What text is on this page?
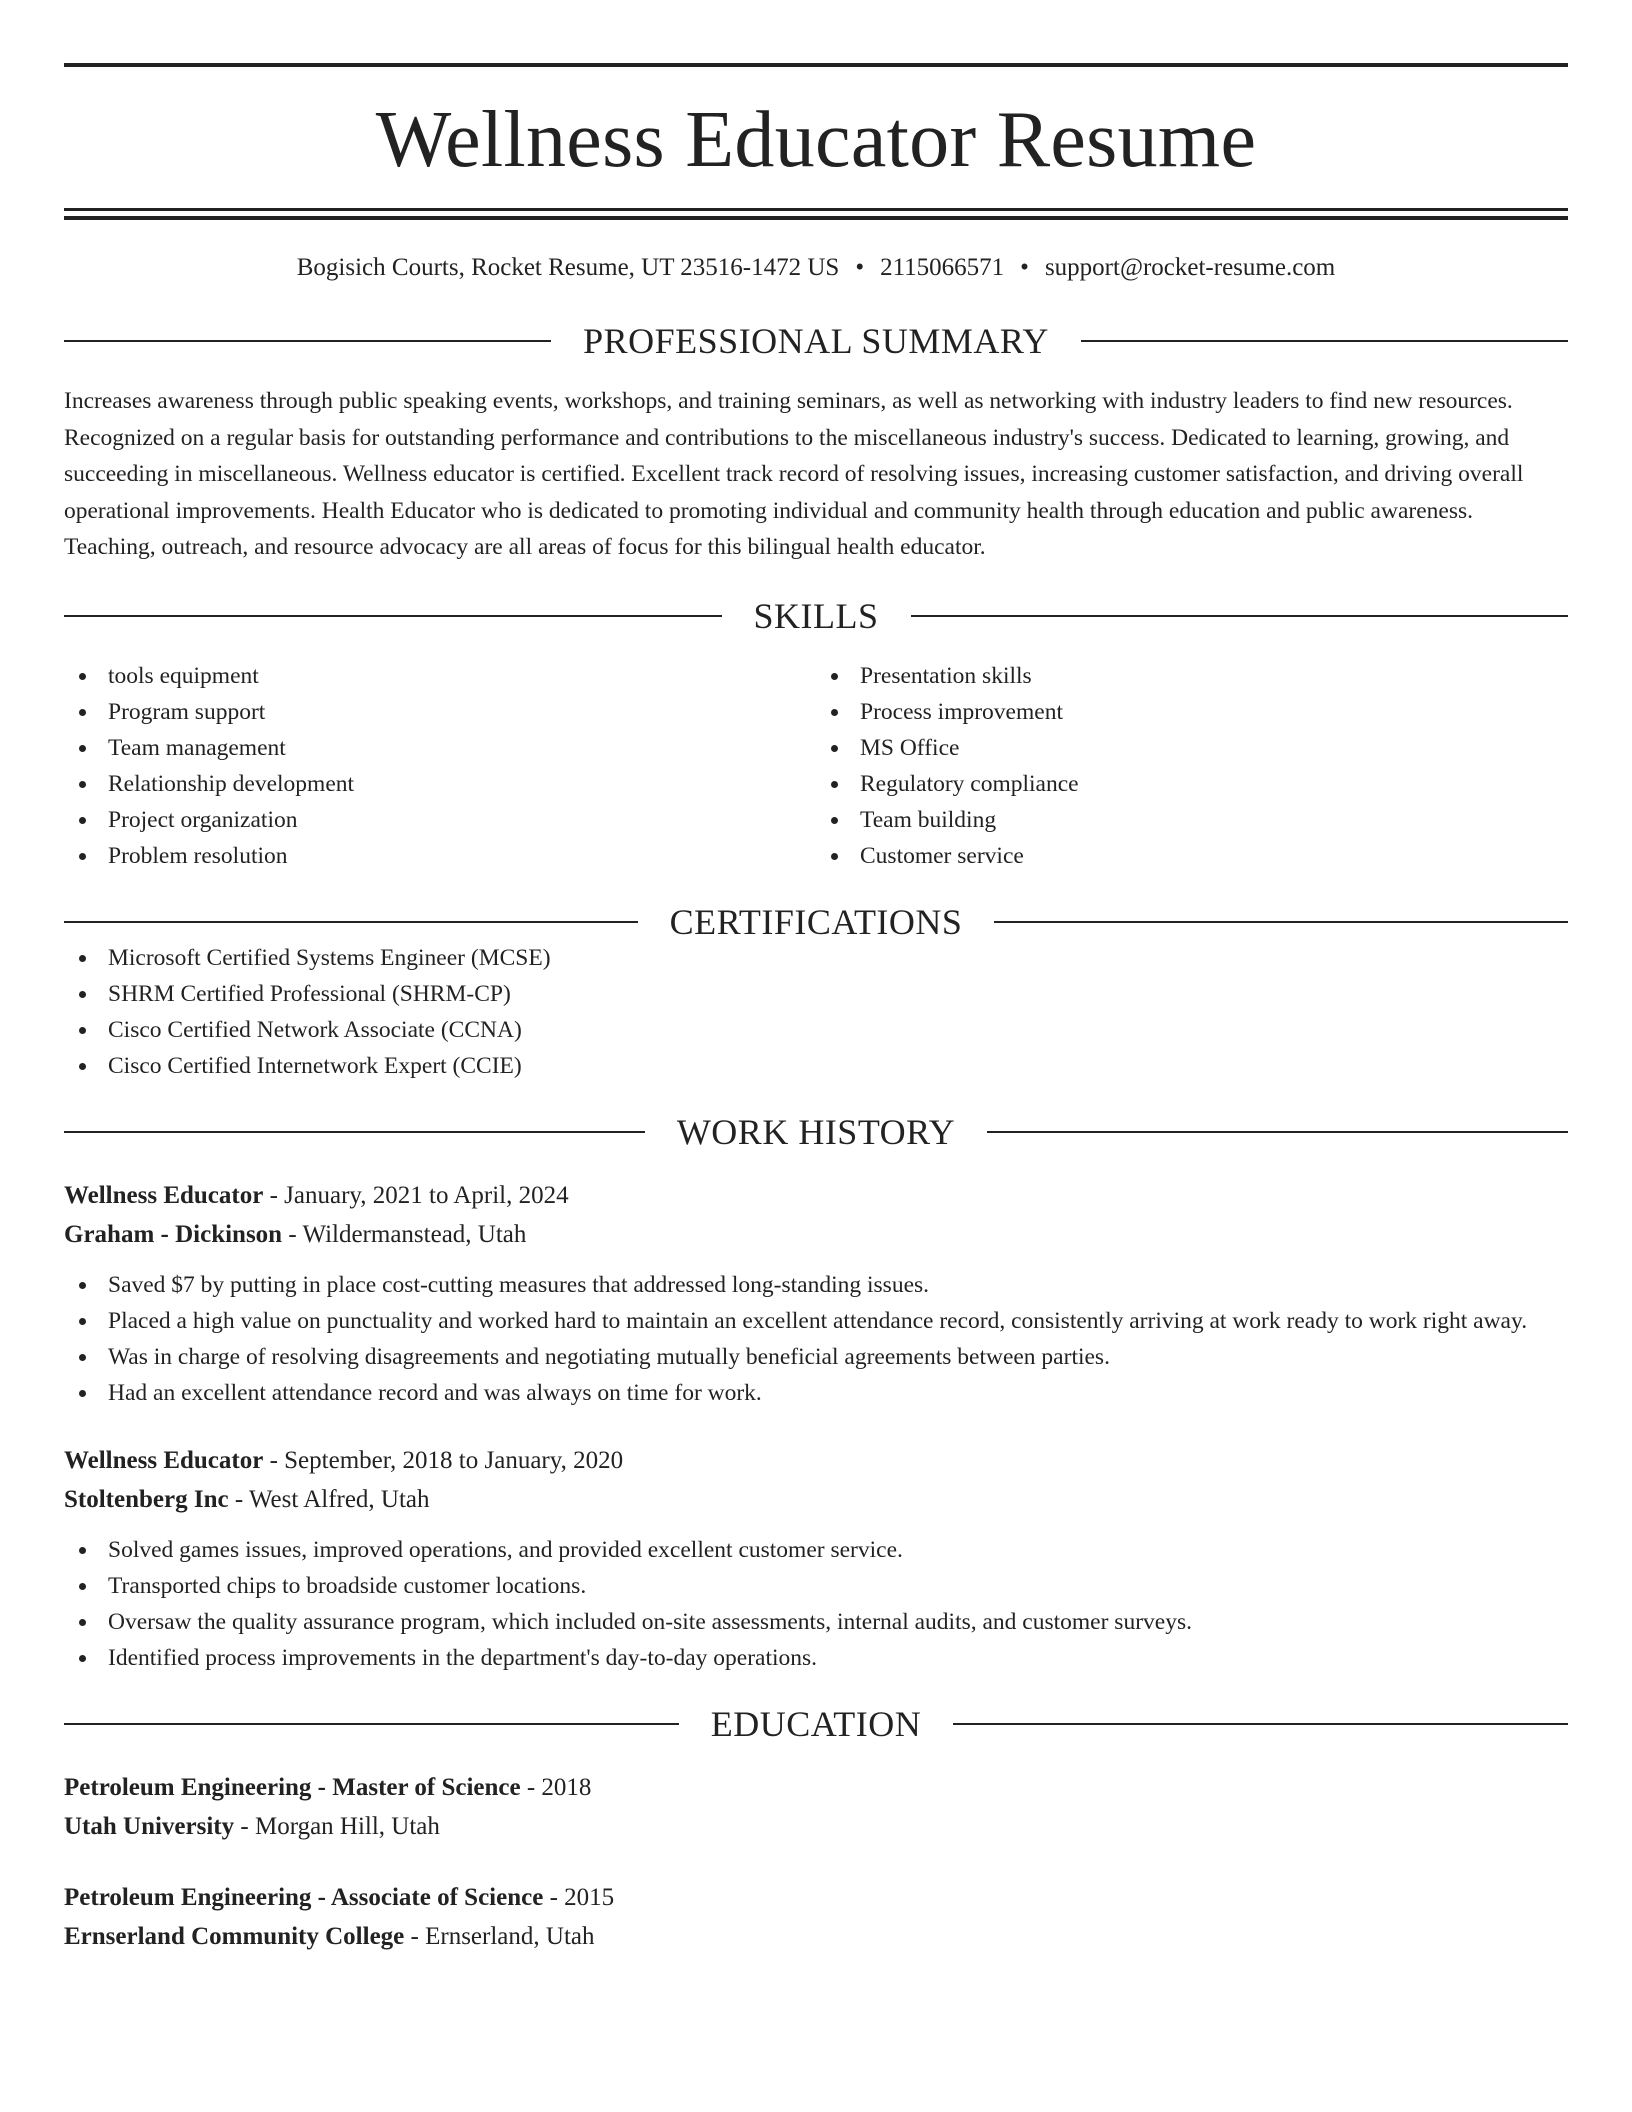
Wellness Educator Resume
Bogisich Courts, Rocket Resume, UT 23516-1472 US • 2115066571 • support@rocket-resume.com
PROFESSIONAL SUMMARY

Increases awareness through public speaking events, workshops, and training seminars, as well as networking with industry leaders to find new resources. Recognized on a regular basis for outstanding performance and contributions to the miscellaneous industry's success. Dedicated to learning, growing, and succeeding in miscellaneous. Wellness educator is certified. Excellent track record of resolving issues, increasing customer satisfaction, and driving overall operational improvements. Health Educator who is dedicated to promoting individual and community health through education and public awareness. Teaching, outreach, and resource advocacy are all areas of focus for this bilingual health educator.

SKILLS
tools equipment
Program support
Team management
Relationship development
Project organization
Problem resolution
Presentation skills
Process improvement
MS Office
Regulatory compliance
Team building
Customer service
CERTIFICATIONS
Microsoft Certified Systems Engineer (MCSE)
SHRM Certified Professional (SHRM-CP)
Cisco Certified Network Associate (CCNA)
Cisco Certified Internetwork Expert (CCIE)
WORK HISTORY
Wellness Educator - January, 2021 to April, 2024
Graham - Dickinson - Wildermanstead, Utah
Saved $7 by putting in place cost-cutting measures that addressed long-standing issues.
Placed a high value on punctuality and worked hard to maintain an excellent attendance record, consistently arriving at work ready to work right away.
Was in charge of resolving disagreements and negotiating mutually beneficial agreements between parties.
Had an excellent attendance record and was always on time for work.
Wellness Educator - September, 2018 to January, 2020
Stoltenberg Inc - West Alfred, Utah
Solved games issues, improved operations, and provided excellent customer service.
Transported chips to broadside customer locations.
Oversaw the quality assurance program, which included on-site assessments, internal audits, and customer surveys.
Identified process improvements in the department's day-to-day operations.
EDUCATION
Petroleum Engineering - Master of Science - 2018
Utah University - Morgan Hill, Utah
Petroleum Engineering - Associate of Science - 2015
Ernserland Community College - Ernserland, Utah
